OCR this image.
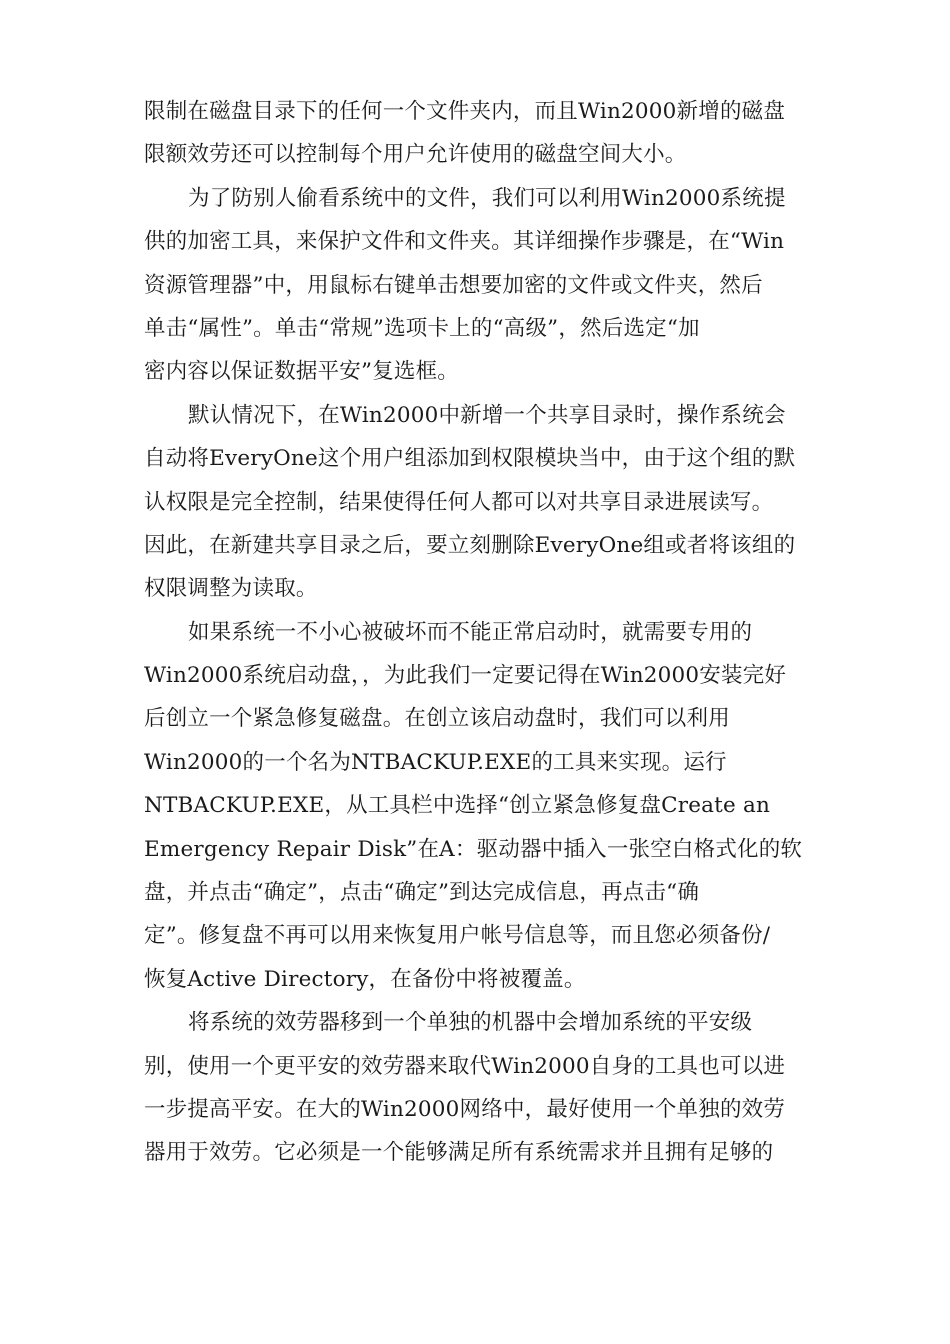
限制在磁盘目录下的任何一个文件夹内，而且Win2000新增的磁盘
限额效劳还可以控制每个用户允许使用的磁盘空间大小。
为了防别人偷看系统中的文件，我们可以利用Win2000系统提
供的加密工具，来保护文件和文件夹。其详细操作步骤是，在“Win
资源管理器”中，用鼠标右键单击想要加密的文件或文件夹，然后
单击“属性”。单击“常规”选项卡上的“高级”，然后选定“加
密内容以保证数据平安”复选框。
默认情况下，在Win2000中新增一个共享目录时，操作系统会
自动将EveryOne这个用户组添加到权限模块当中，由于这个组的默
认权限是完全控制，结果使得任何人都可以对共享目录进展读写。
因此，在新建共享目录之后，要立刻删除EveryOne组或者将该组的
权限调整为读取。
如果系统一不小心被破坏而不能正常启动时，就需要专用的
Win2000系统启动盘，，为此我们一定要记得在Win2000安装完好
后创立一个紧急修复磁盘。在创立该启动盘时，我们可以利用
Win2000的一个名为NTBACKUP.EXE的工具来实现。运行
NTBACKUP.EXE，从工具栏中选择“创立紧急修复盘Create an
Emergency Repair Disk”在A：驱动器中插入一张空白格式化的软
盘，并点击“确定”，点击“确定”到达完成信息，再点击“确
定”。修复盘不再可以用来恢复用户帐号信息等，而且您必须备份/
恢复Active Directory，在备份中将被覆盖。
将系统的效劳器移到一个单独的机器中会增加系统的平安级
别，使用一个更平安的效劳器来取代Win2000自身的工具也可以进
一步提高平安。在大的Win2000网络中，最好使用一个单独的效劳
器用于效劳。它必须是一个能够满足所有系统需求并且拥有足够的
